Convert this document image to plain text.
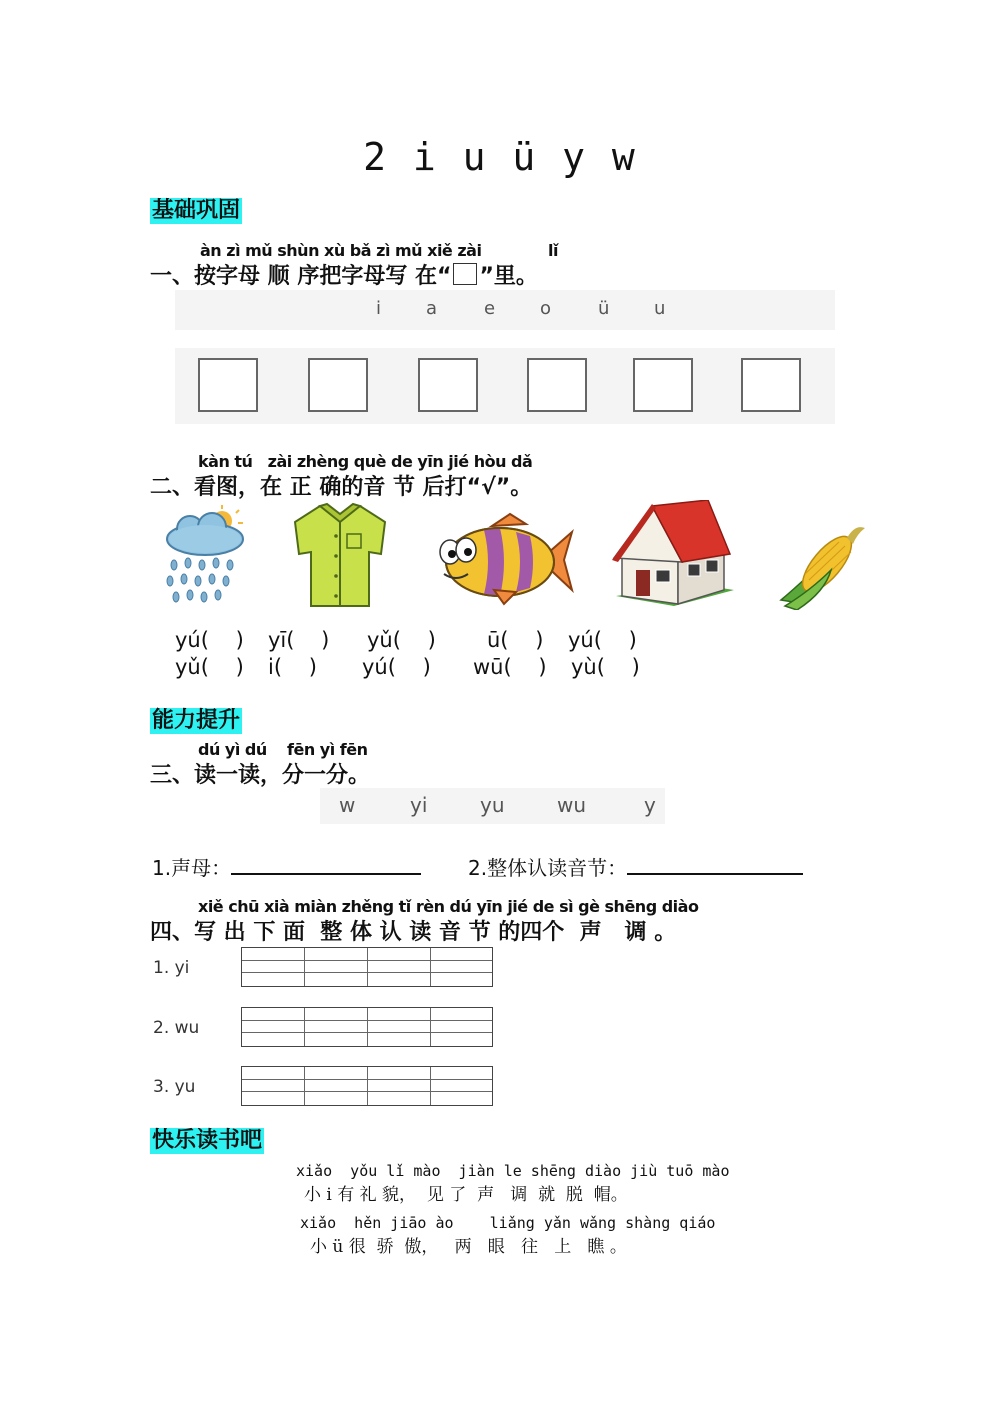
2 i u ü y w
基础巩固
àn zì mǔ shùn xù bǎ zì mǔ xiě zài	lǐ
一、按字母 顺 序把字母写 在“ ”里。
i a	e o	ü u
kàn tú   zài zhèng què de yīn jié hòu dǎ
二、看图，在 正 确的音 节 后打“√”。
yú(    ) yī(    ) yǔ(    ) ū(    ) yú(    )
yǔ(    ) i(    ) yú(    ) wū(    ) yù(    )
能力提升
dú yì dú    fēn yì fēn
三、读一读，分一分。
w	yi	yu	wu	y
1.声母：	2.整体认读音节：
xiě chū xià miàn zhěng tǐ rèn dú yīn jié de sì gè shēng diào
四、写 出 下 面  整 体 认 读 音 节 的四个  声   调 。
1. yi
2. wu
3. yu
快乐读书吧
xiǎo  yǒu lǐ mào  jiàn le shēng diào jiù tuō mào
小 i 有 礼 貌，  见 了  声   调  就  脱  帽。
xiǎo  hěn jiāo ào    liǎng yǎn wǎng shàng qiáo
小 ü 很  骄  傲，   两   眼   往   上   瞧 。
